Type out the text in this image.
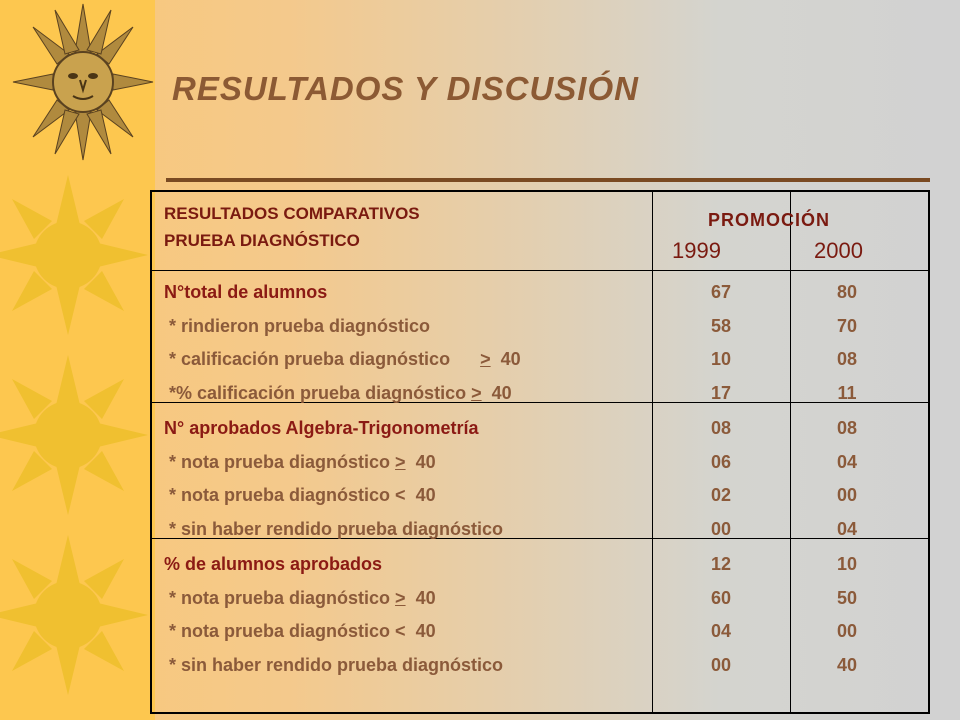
RESULTADOS Y DISCUSIÓN
RESULTADOS COMPARATIVOS
PRUEBA DIAGNÓSTICO
PROMOCIÓN
1999	2000
N°total de alumnos	67	80
* rindieron prueba diagnóstico	58	70
* calificación prueba diagnóstico > 40	10	08
*% calificación prueba diagnóstico > 40	17	11
N° aprobados Algebra-Trigonometría	08	08
* nota prueba diagnóstico > 40	06	04
* nota prueba diagnóstico < 40	02	00
* sin haber rendido prueba diagnóstico	00	04
% de alumnos aprobados	12	10
* nota prueba diagnóstico > 40	60	50
* nota prueba diagnóstico < 40	04	00
* sin haber rendido prueba diagnóstico	00	40
